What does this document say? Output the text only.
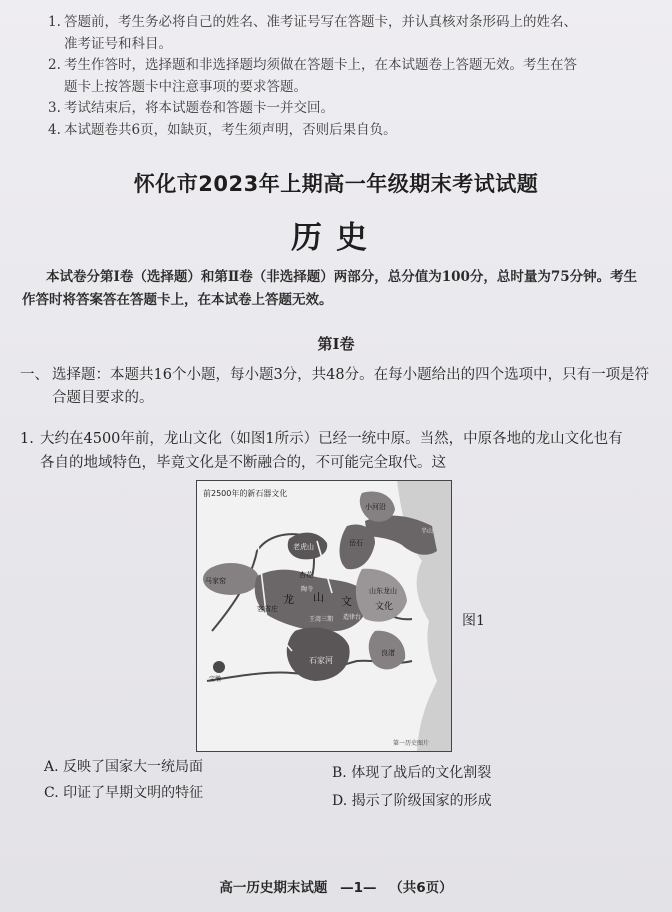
1. 答题前，考生务必将自己的姓名、准考证号写在答题卡，并认真核对条形码上的姓名、
准考证号和科目。
2. 考生作答时，选择题和非选择题均须做在答题卡上，在本试题卷上答题无效。考生在答
题卡上按答题卡中注意事项的要求答题。
3. 考试结束后，将本试题卷和答题卡一并交回。
4. 本试题卷共6页，如缺页，考生须声明，否则后果自负。
怀化市2023年上期高一年级期末考试试题
历史
本试卷分第Ⅰ卷（选择题）和第Ⅱ卷（非选择题）两部分，总分值为100分，总时量为75分钟。考生作答时将答案答在答题卡上，在本试卷上答题无效。
第Ⅰ卷
一、 选择题：本题共16个小题，每小题3分，共48分。在每小题给出的四个选项中，只有一项是符
合题目要求的。
1. 大约在4500年前，龙山文化（如图1所示）已经一统中原。当然，中原各地的龙山文化也有
各自的地域特色，毕竟文化是不断融合的，不可能完全取代。这
前2500年的新石器文化
小河沿
岳石
老虎山
杏花
山东龙山
文化
龙 山 文
陶寺
王湾三期 造律台
客省庄
马家窑
半山
石家河
良渚
宝墩
第一历史图片
图1
A. 反映了国家大一统局面	B. 体现了战后的文化割裂
C. 印证了早期文明的特征	D. 揭示了阶级国家的形成
高一历史期末试题 —1— （共6页）
